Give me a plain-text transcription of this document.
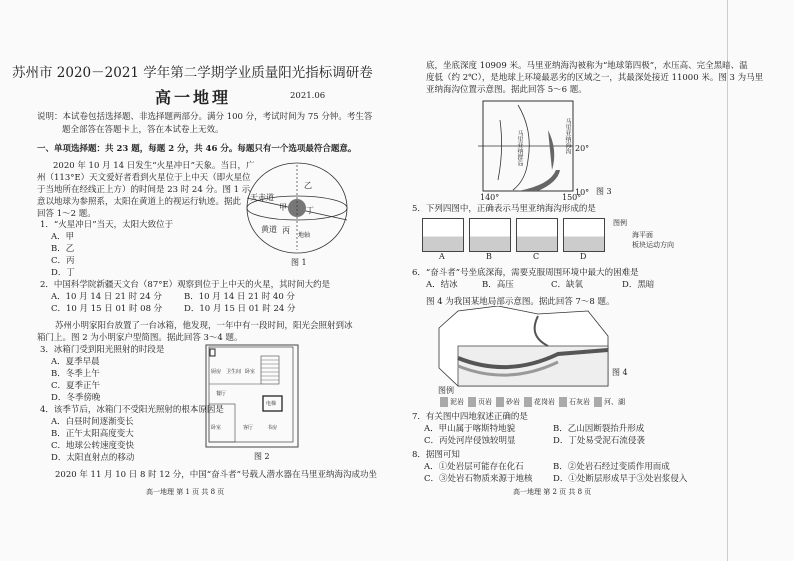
苏州市 2020－2021 学年第二学期学业质量阳光指标调研卷
高一地理	2021.06
说明：本试卷包括选择题、非选择题两部分。满分 100 分，考试时间为 75 分钟。考生答
题全部答在答题卡上，答在本试卷上无效。
一、单项选择题：共 23 题，每题 2 分，共 46 分。每题只有一个选项最符合题意。
2020 年 10 月 14 日发生“火星冲日”天象。当日，广
州（113°E）天文爱好者看到火星位于上中天（即火星位
于当地所在经线正上方）的时间是 23 时 24 分。图 1 示
意以地球为参照系，太阳在黄道上的视运行轨迹。据此
回答 1～2 题。
天赤道
黄道
甲
乙
丙
丁
地轴
图 1
1．“火星冲日”当天，太阳大致位于
A．甲
B．乙
C．丙
D．丁
2．中国科学院新疆天文台（87°E）观察到位于上中天的火星，其时间大约是
A．10 月 14 日 21 时 24 分	B．10 月 14 日 21 时 40 分
C．10 月 15 日 01 时 08 分	D．10 月 15 日 01 时 24 分
苏州小明家阳台放置了一台冰箱，他发现，一年中有一段时间，阳光会照射到冰
箱门上。图 2 为小明家户型简图。据此回答 3～4 题。
厨房 卫生间 卧室
餐厅
卧室	客厅	书房
电梯
图 2
3．冰箱门受到阳光照射的时段是
A．夏季早晨
B．冬季上午
C．夏季正午
D．冬季傍晚
4．该季节后，冰箱门不受阳光照射的根本原因是
A．白昼时间逐渐变长
B．正午太阳高度变大
C．地球公转速度变快
D．太阳直射点的移动
2020 年 11 月 10 日 8 时 12 分，中国“奋斗者”号载人潜水器在马里亚纳海沟成功坐
高一地理 第 1 页 共 8 页
底，坐底深度 10909 米。马里亚纳海沟被称为“地球第四极”，水压高、完全黑暗、温
度低（约 2℃），是地球上环境最恶劣的区域之一，其最深处接近 11000 米。图 3 为马里
亚纳海沟位置示意图。据此回答 5～6 题。
马里亚纳群岛	马里亚纳海沟 20°
10°
140°	150°
图 3
5．下列四图中，正确表示马里亚纳海沟形成的是
A	B	C	D
图例
海平面
板块运动方向
6．“奋斗者”号坐底深海，需要克服周围环境中最大的困难是
A．结冰	B．高压	C．缺氧	D．黑暗
图 4 为我国某地局部示意图。据此回答 7～8 题。
图 4
图例
泥岩	页岩	砂岩	花岗岩	石灰岩	河、湖
7．有关图中四地叙述正确的是
A．甲山属于喀斯特地貌	B．乙山因断裂抬升形成
C．丙处河岸侵蚀较明显	D．丁处易受泥石流侵袭
8．据图可知
A．①处岩层可能存在化石	B．②处岩石经过变质作用而成
C．③处岩石物质来源于地核 D．①处断层形成早于③处岩浆侵入
高一地理 第 2 页 共 8 页
